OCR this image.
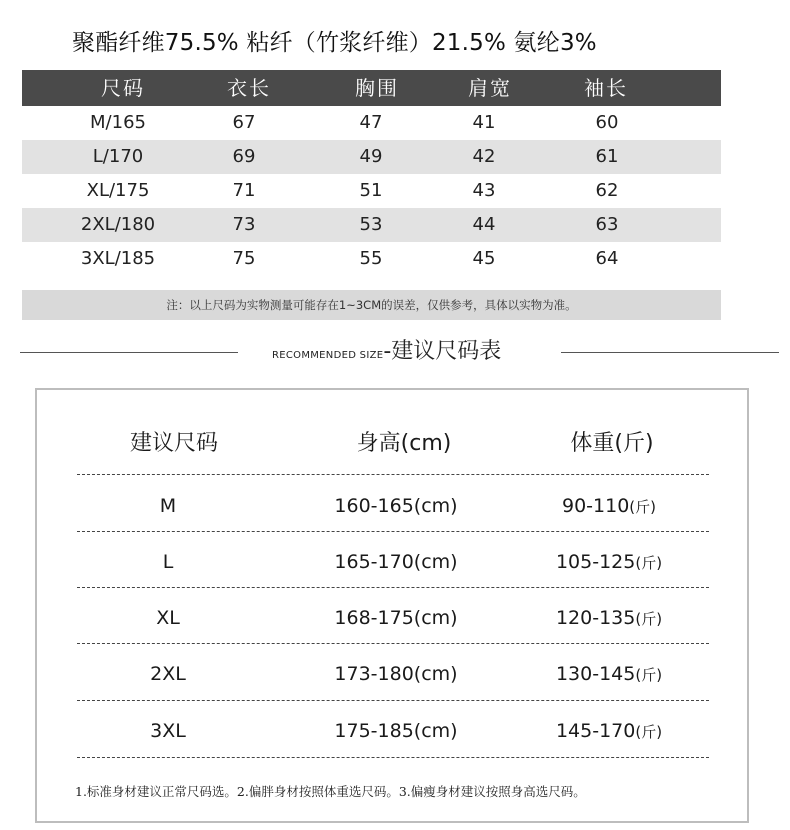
聚酯纤维75.5% 粘纤（竹浆纤维）21.5% 氨纶3%
尺码	衣长	胸围	肩宽	袖长
M/165	67	47	41	60
L/170	69	49	42	61
XL/175	71	51	43	62
2XL/180	73	53	44	63
3XL/185	75	55	45	64
注：以上尺码为实物测量可能存在1~3CM的误差，仅供参考，具体以实物为准。
RECOMMENDED SIZE-建议尺码表
建议尺码	身高(cm)	体重(斤)
M	160-165(cm)	90-110(斤)
L	165-170(cm)	105-125(斤)
XL	168-175(cm)	120-135(斤)
2XL	173-180(cm)	130-145(斤)
3XL	175-185(cm)	145-170(斤)
1.标准身材建议正常尺码选。2.偏胖身材按照体重选尺码。3.偏瘦身材建议按照身高选尺码。
